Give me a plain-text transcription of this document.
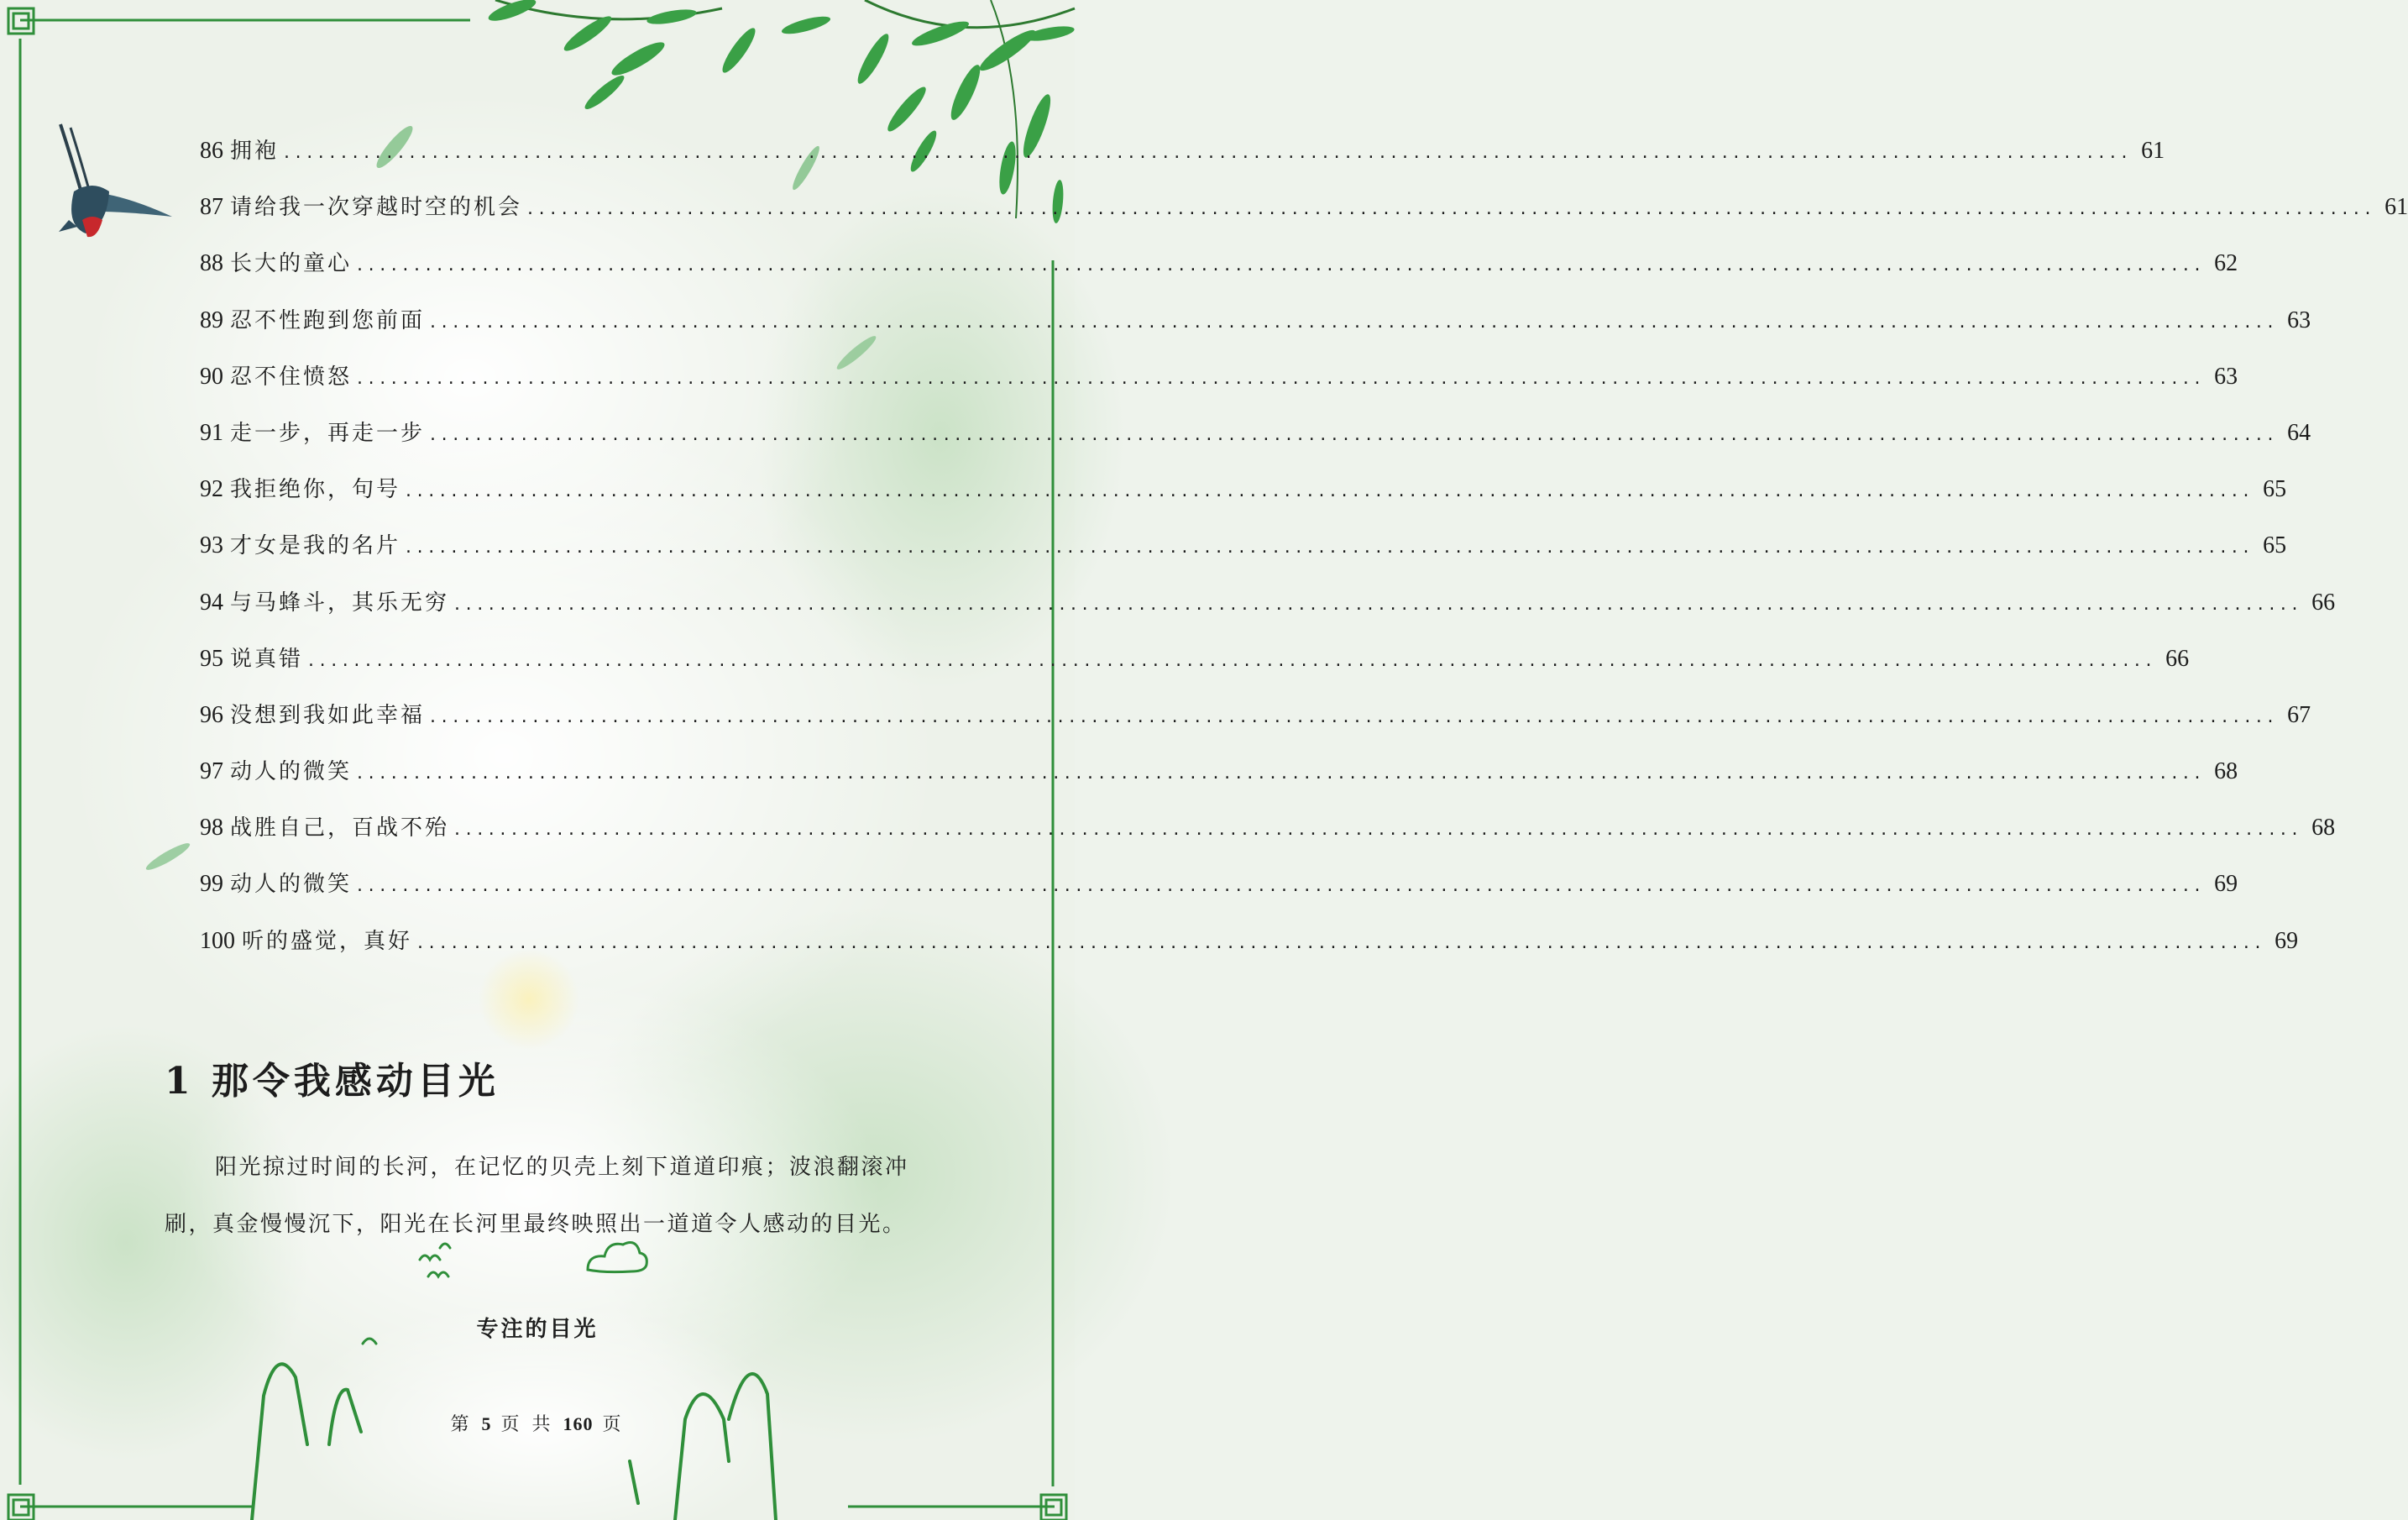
86 拥袍 .................................................................................................................................................................. 61
87 请给我一次穿越时空的机会 .................................................................................................................................................................. 61
88 长大的童心 .................................................................................................................................................................. 62
89 忍不性跑到您前面 .................................................................................................................................................................. 63
90 忍不住愤怒 .................................................................................................................................................................. 63
91 走一步，再走一步 .................................................................................................................................................................. 64
92 我拒绝你，句号 .................................................................................................................................................................. 65
93 才女是我的名片 .................................................................................................................................................................. 65
94 与马蜂斗，其乐无穷 .................................................................................................................................................................. 66
95 说真错 .................................................................................................................................................................. 66
96 没想到我如此幸福 .................................................................................................................................................................. 67
97 动人的微笑 .................................................................................................................................................................. 68
98 战胜自己，百战不殆 .................................................................................................................................................................. 68
99 动人的微笑 .................................................................................................................................................................. 69
100 听的盛觉，真好 .................................................................................................................................................................. 69
1 那令我感动目光

阳光掠过时间的长河，在记忆的贝壳上刻下道道印痕；波浪翻滚冲刷，真金慢慢沉下，阳光在长河里最终映照出一道道令人感动的目光。

专注的目光
第 5 页 共 160 页
